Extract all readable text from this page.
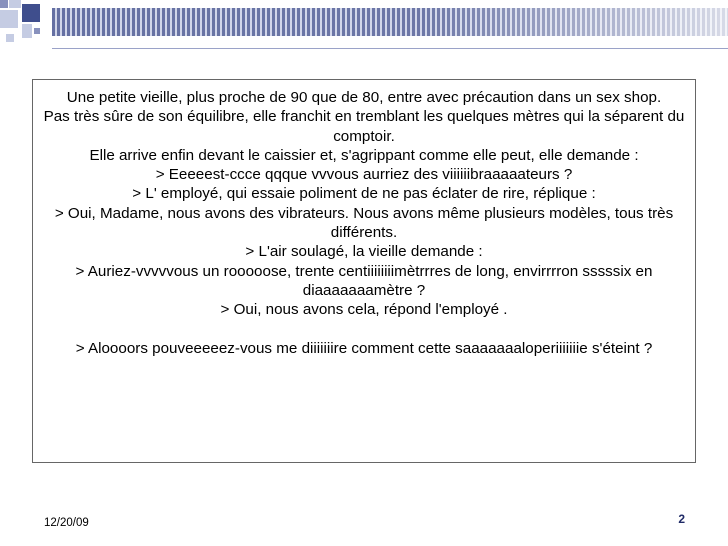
Une petite vieille, plus proche de 90 que de 80, entre avec précaution dans un sex shop.

Pas très sûre de son équilibre, elle franchit en tremblant les quelques mètres qui la séparent du comptoir.

Elle arrive enfin devant le caissier et, s'agrippant comme elle peut, elle demande :

> Eeeeest-ccce qqque vvvous aurriez des viiiiiibraaaaateurs ?

> L' employé, qui essaie poliment de ne pas éclater de rire, réplique :

> Oui, Madame, nous avons des vibrateurs. Nous avons même plusieurs modèles, tous très différents.

> L'air soulagé, la vieille demande :

> Auriez-vvvvvous un rooooose, trente centiiiiiiiimètrrres de long, envirrrron sssssix en diaaaaaaamètre ?

> Oui, nous avons cela, répond l'employé .

> Aloooors pouveeeeez-vous me diiiiiiire comment cette saaaaaaaloperiiiiiiie s'éteint ?

12/20/09	2
